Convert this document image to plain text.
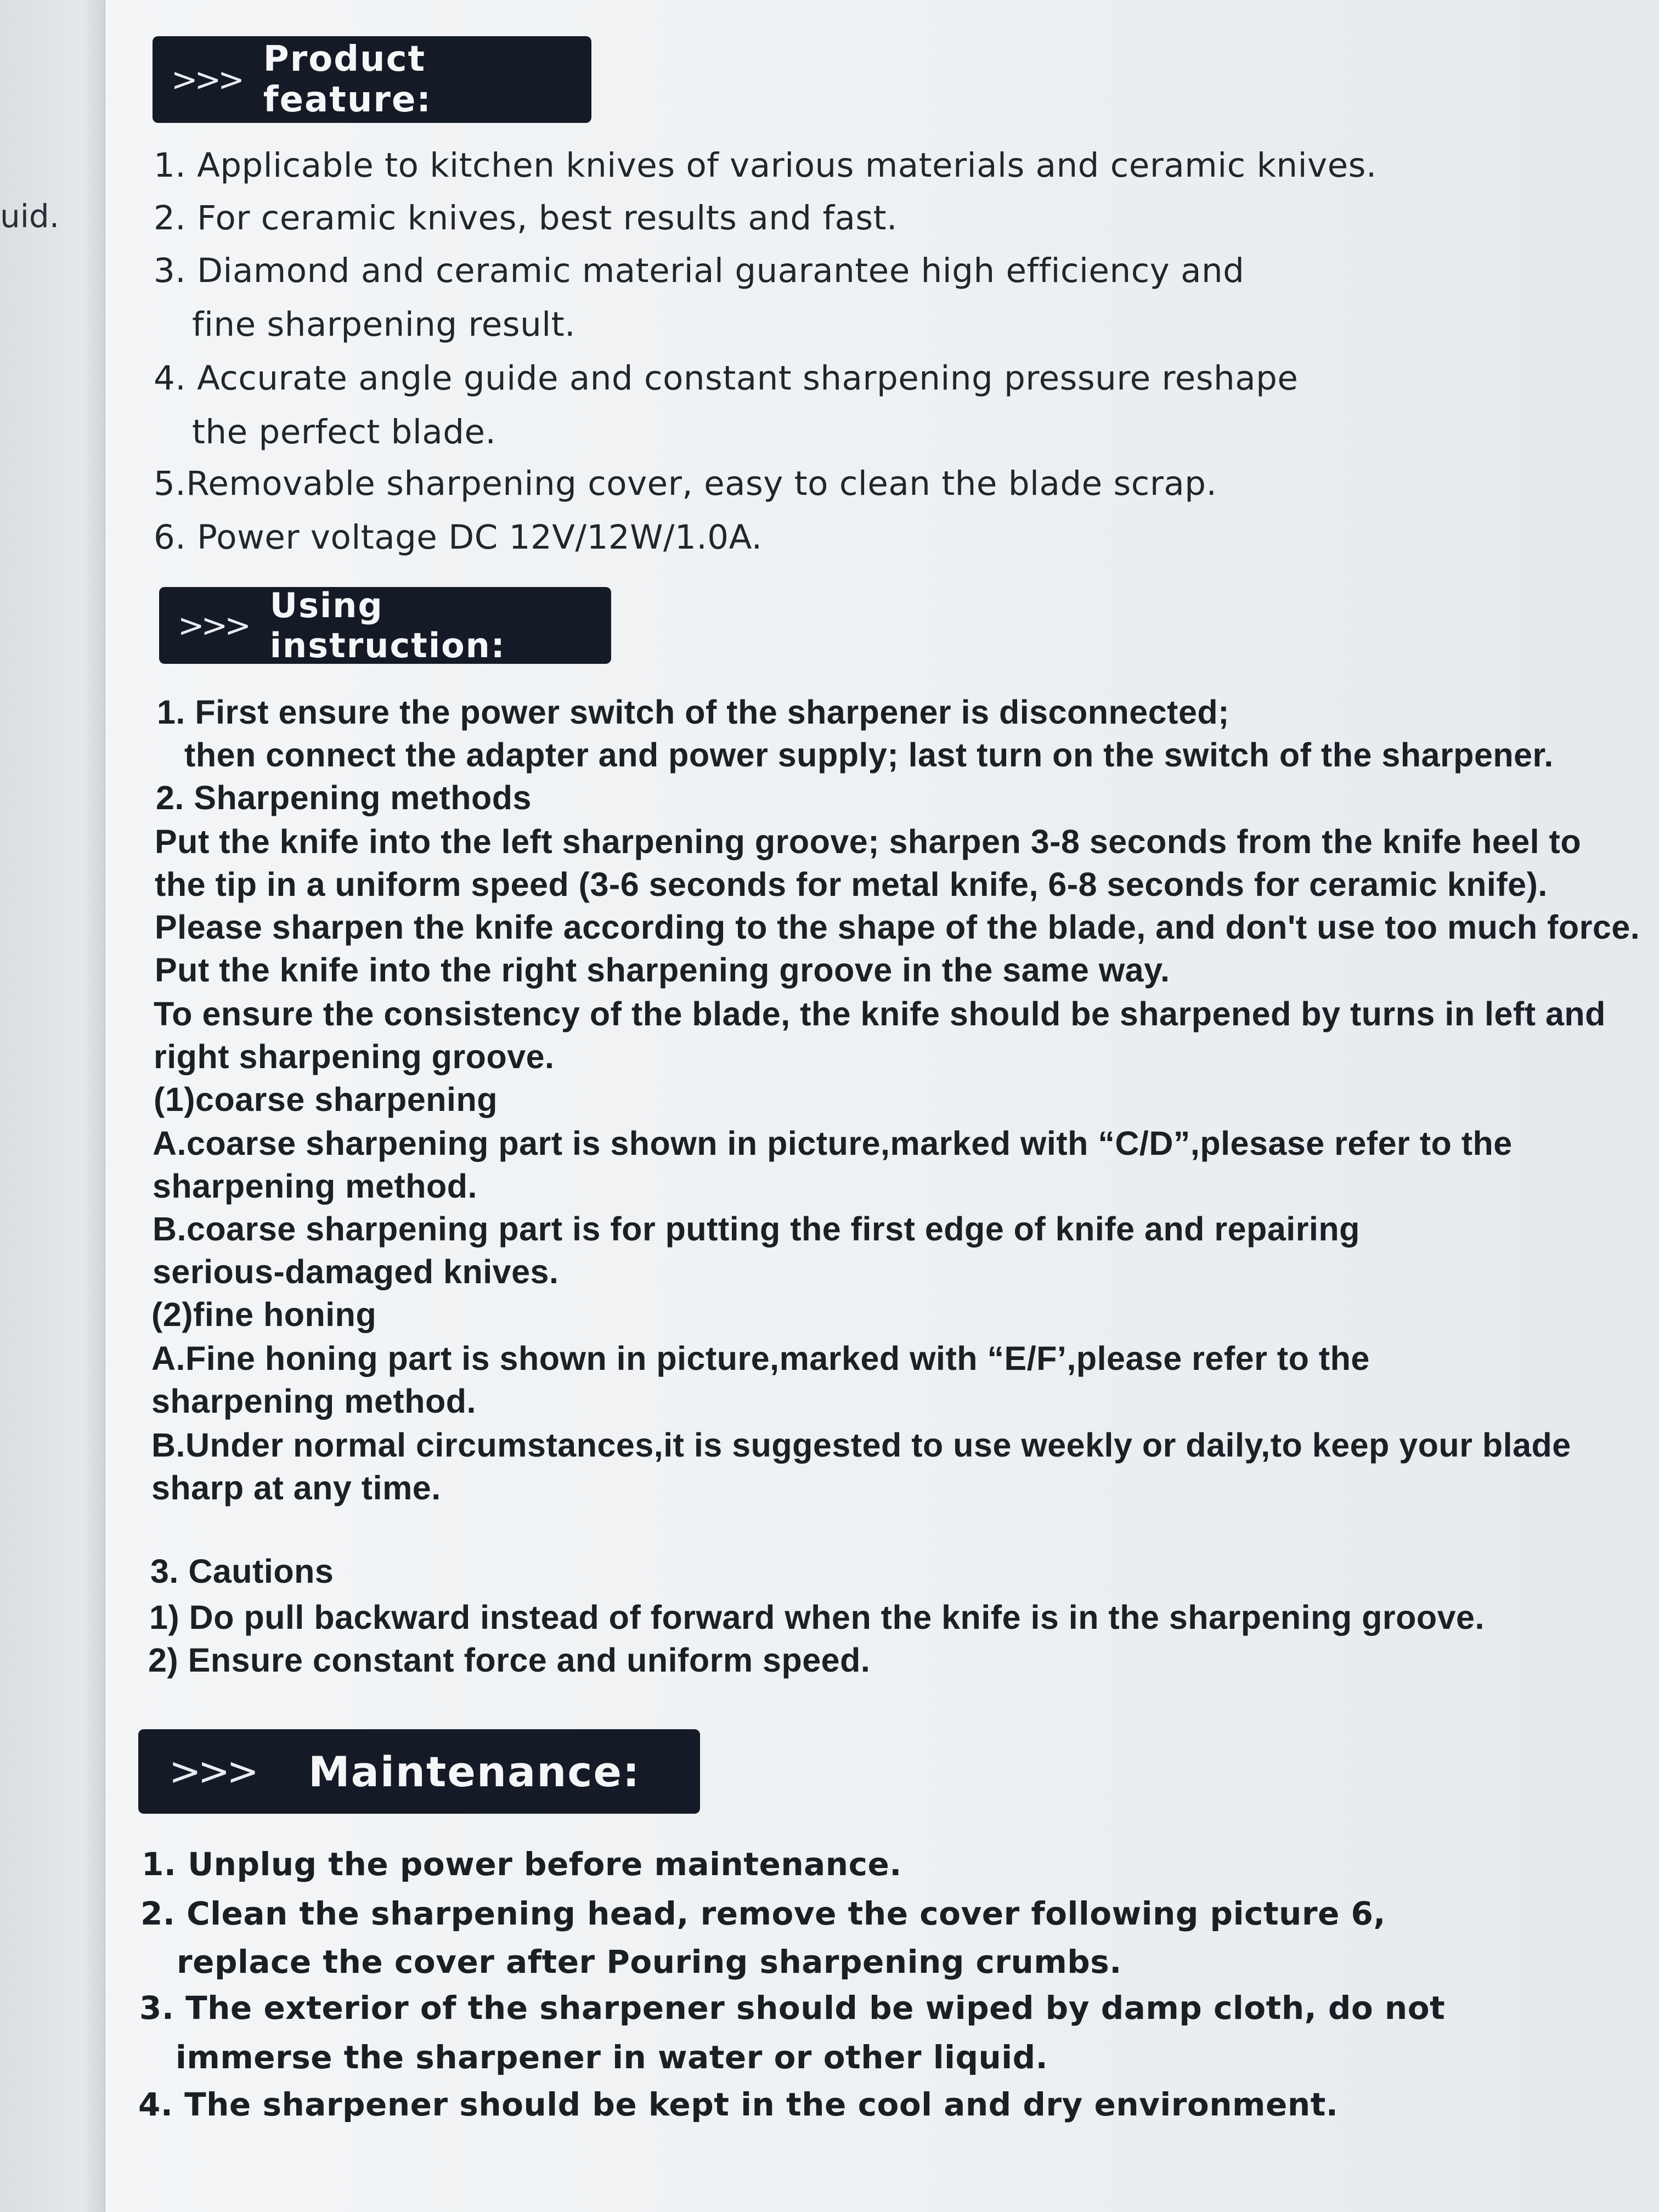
uid.
>>> Product feature:
1. Applicable to kitchen knives of various materials and ceramic knives.
2. For ceramic knives, best results and fast.
3. Diamond and ceramic material guarantee high efficiency and
fine sharpening result.
4. Accurate angle guide and constant sharpening pressure reshape
the perfect blade.
5.Removable sharpening cover, easy to clean the blade scrap.
6. Power voltage DC 12V/12W/1.0A.
>>> Using instruction:
1. First ensure the power switch of the sharpener is disconnected;
then connect the adapter and power supply; last turn on the switch of the sharpener.
2. Sharpening methods
Put the knife into the left sharpening groove; sharpen 3-8 seconds from the knife heel to
the tip in a uniform speed (3-6 seconds for metal knife, 6-8 seconds for ceramic knife).
Please sharpen the knife according to the shape of the blade, and don't use too much force.
Put the knife into the right sharpening groove in the same way.
To ensure the consistency of the blade, the knife should be sharpened by turns in left and
right sharpening groove.
(1)coarse sharpening
A.coarse sharpening part is shown in picture,marked with “C/D”,plesase refer to the
sharpening method.
B.coarse sharpening part is for putting the first edge of knife and repairing
serious-damaged knives.
(2)fine honing
A.Fine honing part is shown in picture,marked with “E/F’,please refer to the
sharpening method.
B.Under normal circumstances,it is suggested to use weekly or daily,to keep your blade
sharp at any time.
3. Cautions
1) Do pull backward instead of forward when the knife is in the sharpening groove.
2) Ensure constant force and uniform speed.
>>> Maintenance:
1. Unplug the power before maintenance.
2. Clean the sharpening head, remove the cover following picture 6,
replace the cover after Pouring sharpening crumbs.
3. The exterior of the sharpener should be wiped by damp cloth, do not
immerse the sharpener in water or other liquid.
4. The sharpener should be kept in the cool and dry environment.
